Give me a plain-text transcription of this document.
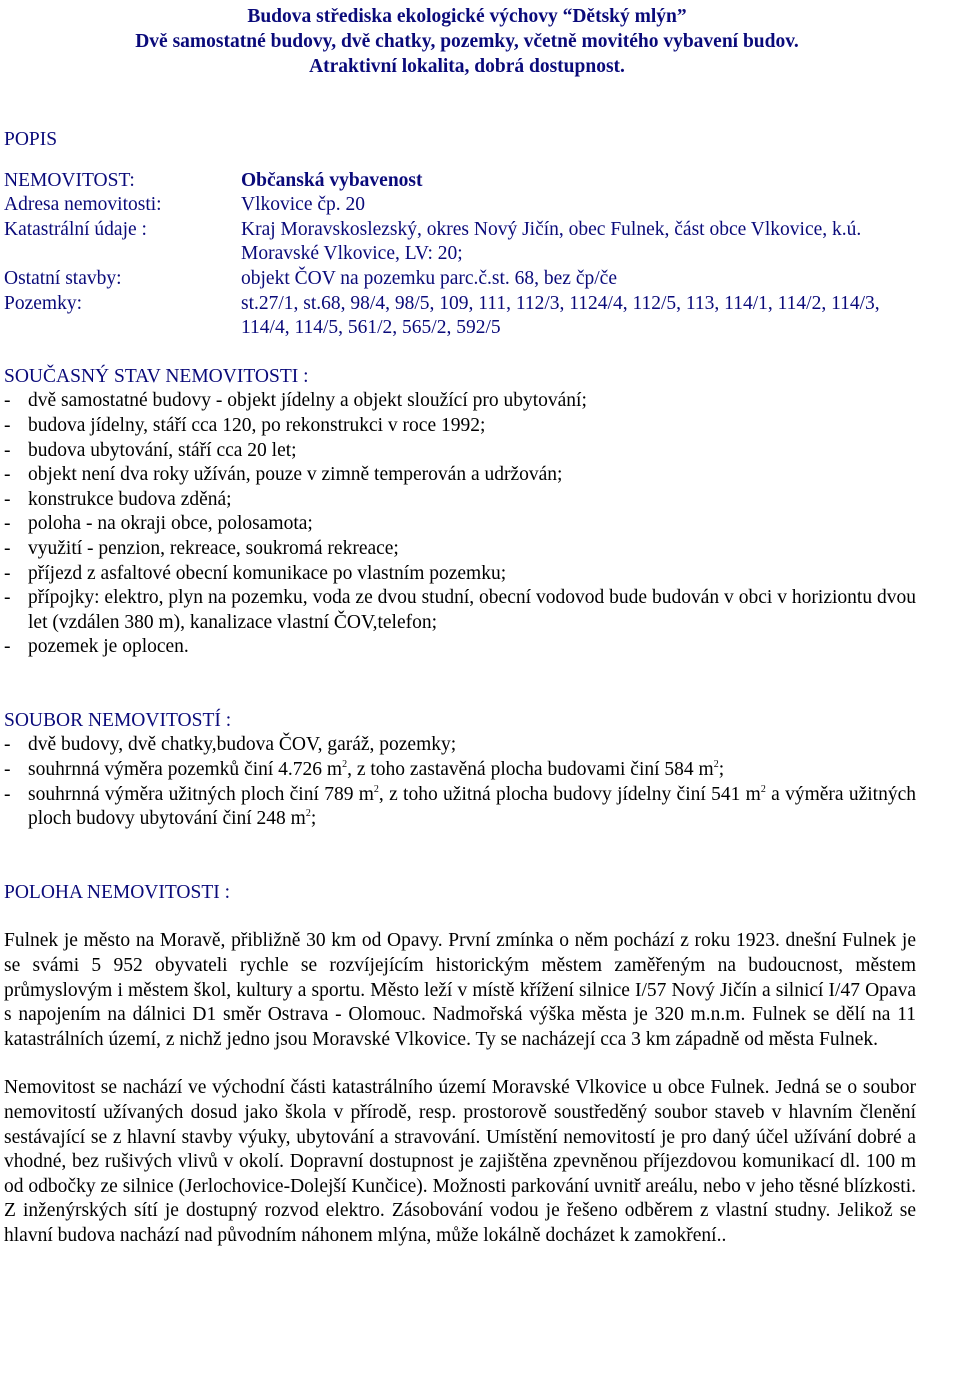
Budova střediska ekologické výchovy “Dětský mlýn”
Dvě samostatné budovy, dvě chatky, pozemky, včetně movitého vybavení budov.
Atraktivní lokalita, dobrá dostupnost.
POPIS
NEMOVITOST:	Občanská vybavenost
Adresa nemovitosti:	Vlkovice čp. 20
Katastrální údaje :	Kraj Moravskoslezský, okres Nový Jičín, obec Fulnek, část obce Vlkovice, k.ú. Moravské Vlkovice, LV: 20;
Ostatní stavby:	objekt ČOV na pozemku parc.č.st. 68, bez čp/če
Pozemky:	st.27/1, st.68, 98/4, 98/5, 109, 111, 112/3, 1124/4, 112/5, 113, 114/1, 114/2, 114/3, 114/4, 114/5, 561/2, 565/2, 592/5
SOUČASNÝ STAV NEMOVITOSTI :
- dvě samostatné budovy - objekt jídelny a objekt sloužící pro ubytování;
- budova jídelny, stáří cca 120, po rekonstrukci v roce 1992;
- budova ubytování, stáří cca 20 let;
- objekt není dva roky užíván, pouze v zimně temperován a udržován;
- konstrukce budova zděná;
- poloha - na okraji obce, polosamota;
- využití - penzion, rekreace, soukromá rekreace;
- příjezd z asfaltové obecní komunikace po vlastním pozemku;
- přípojky: elektro, plyn na pozemku, voda ze dvou studní, obecní vodovod bude budován v obci v horiziontu dvou let (vzdálen 380 m), kanalizace vlastní ČOV,telefon;
- pozemek je oplocen.
SOUBOR NEMOVITOSTÍ :
- dvě budovy, dvě chatky,budova ČOV, garáž, pozemky;
- souhrnná výměra pozemků činí 4.726 $m^2$, z toho zastavěná plocha budovami činí 584 $m^2$;
- souhrnná výměra užitných ploch činí 789 $m^2$, z toho užitná plocha budovy jídelny činí 541 $m^2$ a výměra užitných ploch budovy ubytování činí 248 $m^2$;
POLOHA NEMOVITOSTI :

Fulnek je město na Moravě, přibližně 30 km od Opavy. První zmínka o něm pochází z roku 1923. dnešní Fulnek je se svámi 5 952 obyvateli rychle se rozvíjejícím historickým městem zaměřeným na budoucnost, městem průmyslovým i městem škol, kultury a sportu. Město leží v místě křížení silnice I/57 Nový Jičín a silnicí I/47 Opava s napojením na dálnici D1 směr Ostrava - Olomouc. Nadmořská výška města je 320 m.n.m. Fulnek se dělí na 11 katastrálních území, z nichž jedno jsou Moravské Vlkovice. Ty se nacházejí cca 3 km západně od města Fulnek.

Nemovitost se nachází ve východní části katastrálního území Moravské Vlkovice u obce Fulnek. Jedná se o soubor nemovitostí užívaných dosud jako škola v přírodě, resp. prostorově soustředěný soubor staveb v hlavním členění sestávající se z hlavní stavby výuky, ubytování a stravování. Umístění nemovitostí je pro daný účel užívání dobré a vhodné, bez rušivých vlivů v okolí. Dopravní dostupnost je zajištěna zpevněnou příjezdovou komunikací dl. 100 m od odbočky ze silnice (Jerlochovice-Dolejší Kunčice). Možnosti parkování uvnitř areálu, nebo v jeho těsné blízkosti. Z inženýrských sítí je dostupný rozvod elektro. Zásobování vodou je řešeno odběrem z vlastní studny. Jelikož se hlavní budova nachází nad původním náhonem mlýna, může lokálně docházet k zamokření..
